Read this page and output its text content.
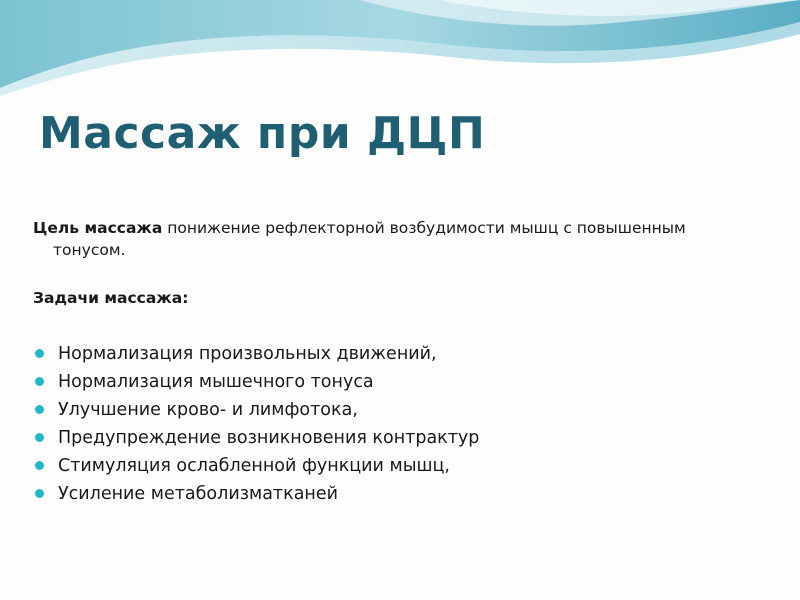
Массаж при ДЦП

Цель массажа понижение рефлекторной возбудимости мышц с повышенным тонусом.

Задачи массажа:

Нормализация произвольных движений,
Нормализация мышечного тонуса
Улучшение крово- и лимфотока,
Предупреждение возникновения контрактур
Стимуляция ослабленной функции мышц,
Усиление метаболизматканей
